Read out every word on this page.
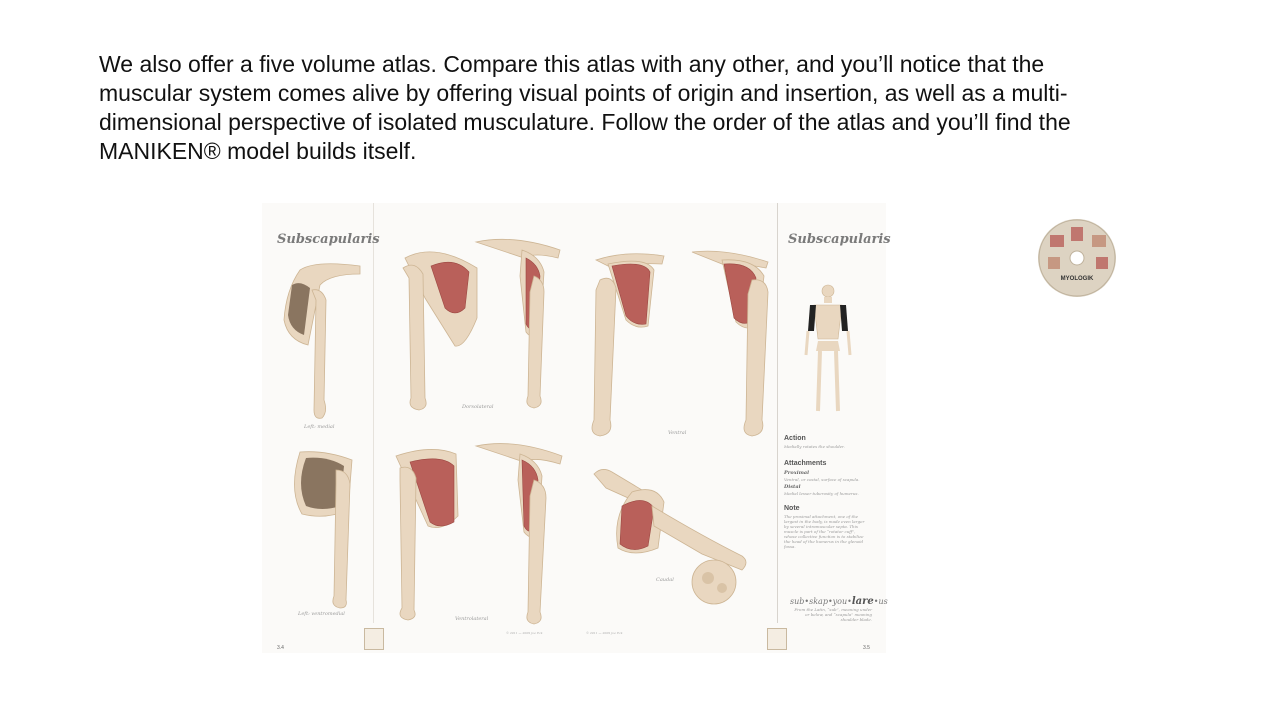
We also offer a five volume atlas. Compare this atlas with any other, and you’ll notice that the
muscular system comes alive by offering visual points of origin and insertion, as well as a multi-
dimensional perspective of isolated musculature. Follow the order of the atlas and you’ll find the
MANIKEN® model builds itself.
Subscapularis	Subscapularis
Dorsolateral
Ventral
Left: medial
Left: ventromedial
Ventrolateral
Caudal
Action
Medially rotates the shoulder.
Attachments
Proximal
Ventral, or costal, surface of scapula.
Distal
Medial lesser tuberosity of humerus.
Note
The proximal attachment, one of the largest in the body, is made even larger by several intramuscular septa. This muscle is part of the “rotator cuff”, whose collective function is to stabilize the head of the humerus in the glenoid fossa.
sub•skap•you•lare•us
From the Latin, “sub”, meaning under or below, and “scapula” meaning shoulder blade.
3.4	3.5
© 2011 — 2009 Joe Eck	© 2011 — 2009 Joe Eck
MYOLOGIK
